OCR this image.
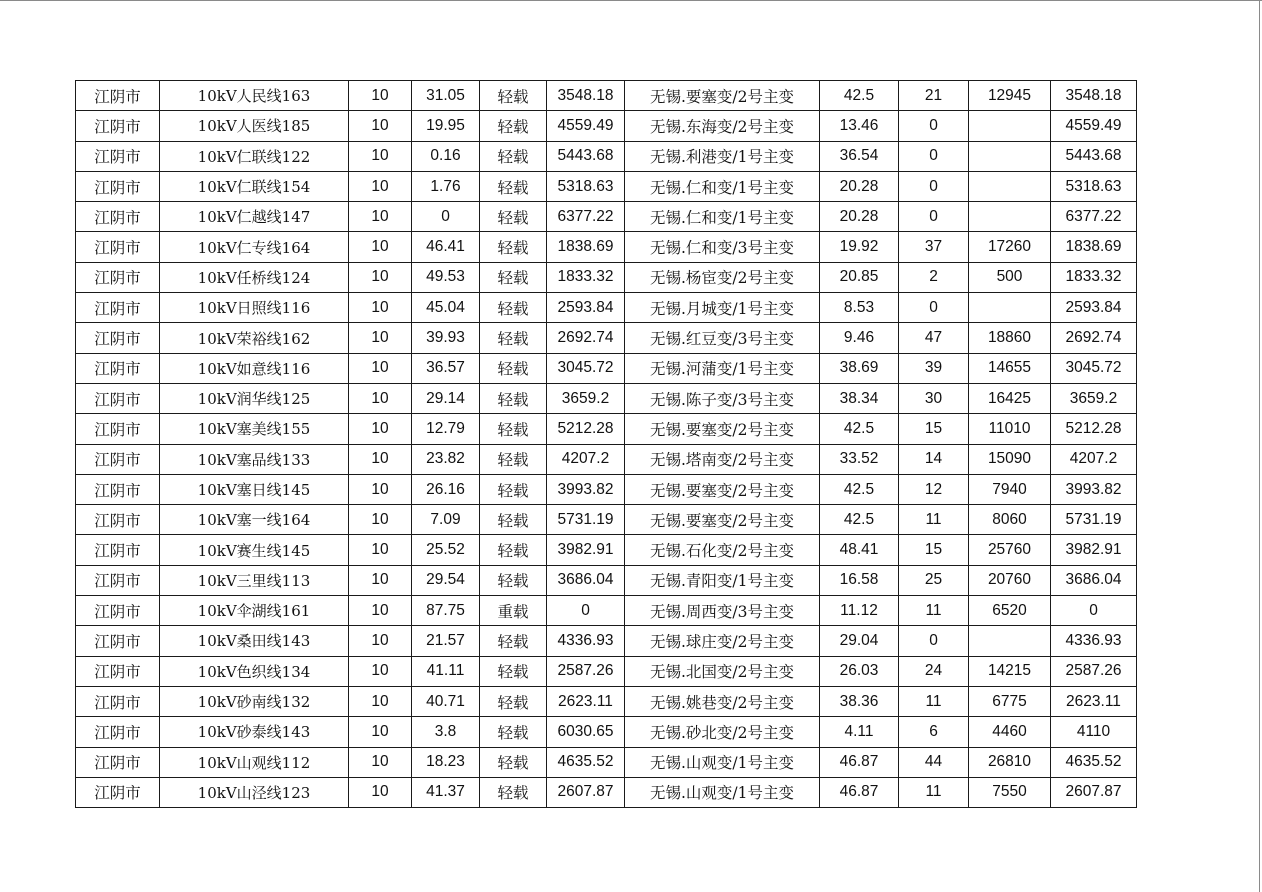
江阴市	10kV人民线163	10	31.05	轻载	3548.18	无锡.要塞变/2号主变	42.5	21	12945	3548.18
江阴市	10kV人医线185	10	19.95	轻载	4559.49	无锡.东海变/2号主变	13.46	0		4559.49
江阴市	10kV仁联线122	10	0.16	轻载	5443.68	无锡.利港变/1号主变	36.54	0		5443.68
江阴市	10kV仁联线154	10	1.76	轻载	5318.63	无锡.仁和变/1号主变	20.28	0		5318.63
江阴市	10kV仁越线147	10	0	轻载	6377.22	无锡.仁和变/1号主变	20.28	0		6377.22
江阴市	10kV仁专线164	10	46.41	轻载	1838.69	无锡.仁和变/3号主变	19.92	37	17260	1838.69
江阴市	10kV任桥线124	10	49.53	轻载	1833.32	无锡.杨宦变/2号主变	20.85	2	500	1833.32
江阴市	10kV日照线116	10	45.04	轻载	2593.84	无锡.月城变/1号主变	8.53	0		2593.84
江阴市	10kV荣裕线162	10	39.93	轻载	2692.74	无锡.红豆变/3号主变	9.46	47	18860	2692.74
江阴市	10kV如意线116	10	36.57	轻载	3045.72	无锡.河蒲变/1号主变	38.69	39	14655	3045.72
江阴市	10kV润华线125	10	29.14	轻载	3659.2	无锡.陈子变/3号主变	38.34	30	16425	3659.2
江阴市	10kV塞美线155	10	12.79	轻载	5212.28	无锡.要塞变/2号主变	42.5	15	11010	5212.28
江阴市	10kV塞品线133	10	23.82	轻载	4207.2	无锡.塔南变/2号主变	33.52	14	15090	4207.2
江阴市	10kV塞日线145	10	26.16	轻载	3993.82	无锡.要塞变/2号主变	42.5	12	7940	3993.82
江阴市	10kV塞一线164	10	7.09	轻载	5731.19	无锡.要塞变/2号主变	42.5	11	8060	5731.19
江阴市	10kV赛生线145	10	25.52	轻载	3982.91	无锡.石化变/2号主变	48.41	15	25760	3982.91
江阴市	10kV三里线113	10	29.54	轻载	3686.04	无锡.青阳变/1号主变	16.58	25	20760	3686.04
江阴市	10kV伞湖线161	10	87.75	重载	0	无锡.周西变/3号主变	11.12	11	6520	0
江阴市	10kV桑田线143	10	21.57	轻载	4336.93	无锡.球庄变/2号主变	29.04	0		4336.93
江阴市	10kV色织线134	10	41.11	轻载	2587.26	无锡.北国变/2号主变	26.03	24	14215	2587.26
江阴市	10kV砂南线132	10	40.71	轻载	2623.11	无锡.姚巷变/2号主变	38.36	11	6775	2623.11
江阴市	10kV砂泰线143	10	3.8	轻载	6030.65	无锡.砂北变/2号主变	4.11	6	4460	4110
江阴市	10kV山观线112	10	18.23	轻载	4635.52	无锡.山观变/1号主变	46.87	44	26810	4635.52
江阴市	10kV山泾线123	10	41.37	轻载	2607.87	无锡.山观变/1号主变	46.87	11	7550	2607.87
